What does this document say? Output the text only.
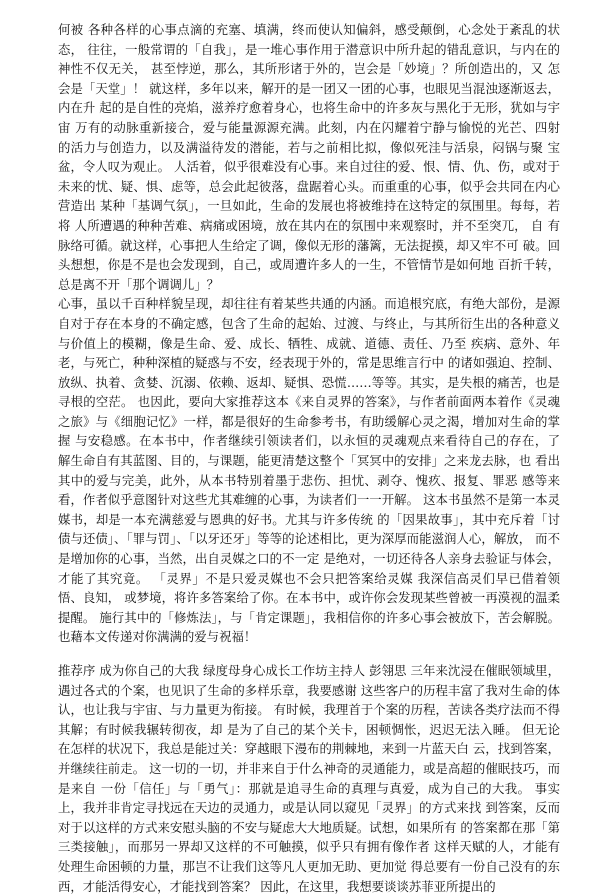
何被 各种各样的心事点滴的充塞、填满，终而使认知偏斜，感受颠倒，心念处于紊乱的状态， 往往，一般常谓的「自我」，是一堆心事作用于潜意识中所升起的错乱意识，与内在的 神性不仅无关， 甚至悖逆，那么，其所形诸于外的，岂会是「妙境」？所创造出的，又 怎会是「天堂」！ 就这样，多年以来，解开的是一团又一团的心事，也眼见当混浊逐渐返去，内在升 起的是自性的亮焰，滋养疗愈着身心，也将生命中的许多灰与黑化于无形，犹如与宇宙 万有的动脉重新接合，爱与能量源源充满。此刻，内在闪耀着宁静与愉悦的光芒、四射 的活力与创造力，以及满溢待发的潜能，若与之前相比拟，像似死洼与活泉，闷锅与聚 宝盆，令人叹为观止。 人活着，似乎很难没有心事。来自过往的爱、恨、情、仇、伤，或对于未来的忧、疑、惧、虑等，总会此起彼落，盘踞着心头。而重重的心事，似乎会共同在内心营造出 某种「基调气氛」，一旦如此，生命的发展也将被维持在这特定的氛围里。每每，若将 人所遭遇的种种苦难、病痛或困境，放在其内在的氛围中来观察时，并不至突兀， 自 有脉络可循。就这样，心事把人生给定了调，像似无形的藩篱，无法捉摸，却又牢不可 破。回头想想，你是不是也会发现到，自己，或周遭许多人的一生，不管情节是如何地 百折千转，总是离不开「那个调调儿」？

心事，虽以千百种样貌呈现，却往往有着某些共通的内涵。而追根究底，有绝大部份，是源自对于存在本身的不确定感，包含了生命的起始、过渡、与终止，与其所衍生出的各种意义与价值上的模糊，像是生命、爱、成长、牺牲、成就、道德、责任、乃至 疾病、意外、年老，与死亡，种种深植的疑惑与不安，经表现于外的，常是思维言行中 的诸如强迫、控制、放纵、执着、贪婪、沉溺、依赖、返却、疑惧、恐慌……等等。其实，是失根的痛苦，也是寻根的空茫。 也因此，要向大家推荐这本《来自灵界的答案》，与作者前面两本着作《灵魂之旅》与《细胞记忆》一样，都是很好的生命参考书，有助缓解心灵之渴，增加对生命的掌握 与安稳感。在本书中，作者继续引领读者们，以永恒的灵魂观点来看待自己的存在，了 解生命自有其蓝图、目的，与课题，能更清楚这整个「冥冥中的安排」之来龙去脉，也 看出其中的爱与完美，此外，从本书特别着墨于悲伤、担忧、剥夺、愧疚、报复、罪恶 感等来看，作者似乎意图针对这些尤其难缠的心事，为读者们一一开解。 这本书虽然不是第一本灵媒书，却是一本充满慈爱与恩典的好书。尤其与许多传统 的「因果故事」，其中充斥着「讨债与还债」、「罪与罚」、「以牙还牙」等等的论述相比，更为深厚而能滋润人心，解放， 而不是增加你的心事，当然，出自灵媒之口的不一定 是绝对，一切还待各人亲身去验证与体会，才能了其究竟。 「灵界」不是只爱灵媒也不会只把答案给灵媒 我深信高灵们早已借着领悟、良知， 或梦境，将许多答案给了你。在本书中，或许你会发现某些曾被一再漠视的温柔提醒。 施行其中的「修炼法」，与「肯定课题」，我相信你的许多心事会被放下，苦会解脱。 也藉本文传递对你满满的爱与祝福！

推荐序 成为你自己的大我 绿度母身心成长工作坊主持人 彭翎思 三年来沈浸在催眠领域里，遇过各式的个案，也见识了生命的多样乐章，我要感谢 这些客户的历程丰富了我对生命的体认，也让我与宇宙、与力量更为衔接。 有时候，我理首于个案的历程，苦读各类疗法而不得其解；有时候我辗转彻夜，却 是为了自己的某个关卡，困顿惆怅，迟迟无法入睡。 但无论在怎样的状况下，我总是能过关：穿越眼下漫布的荆棘地，来到一片蓝天白 云，找到答案，并继续往前走。 这一切的一切，并非来自于什么神奇的灵通能力，或是高超的催眠技巧，而是来自 一份「信任」与「勇气」：那就是追寻生命的真理与真爱，成为自己的大我。 事实上，我并非肯定寻找远在天边的灵通力，或是认同以窥见「灵界」的方式来找 到答案，反而对于以这样的方式来安慰头脑的不安与疑虑大大地质疑。试想，如果所有 的答案都在那「第三类接触」，而那另一界却又这样的不可触摸，似乎只有拥有像作者 这样天赋的人，才能有处理生命困顿的力量，那岂不让我们这等凡人更加无助、更加觉 得总要有一份自己没有的东西，才能活得安心，才能找到答案？ 因此，在这里，我想要谈谈苏菲亚所提出的
